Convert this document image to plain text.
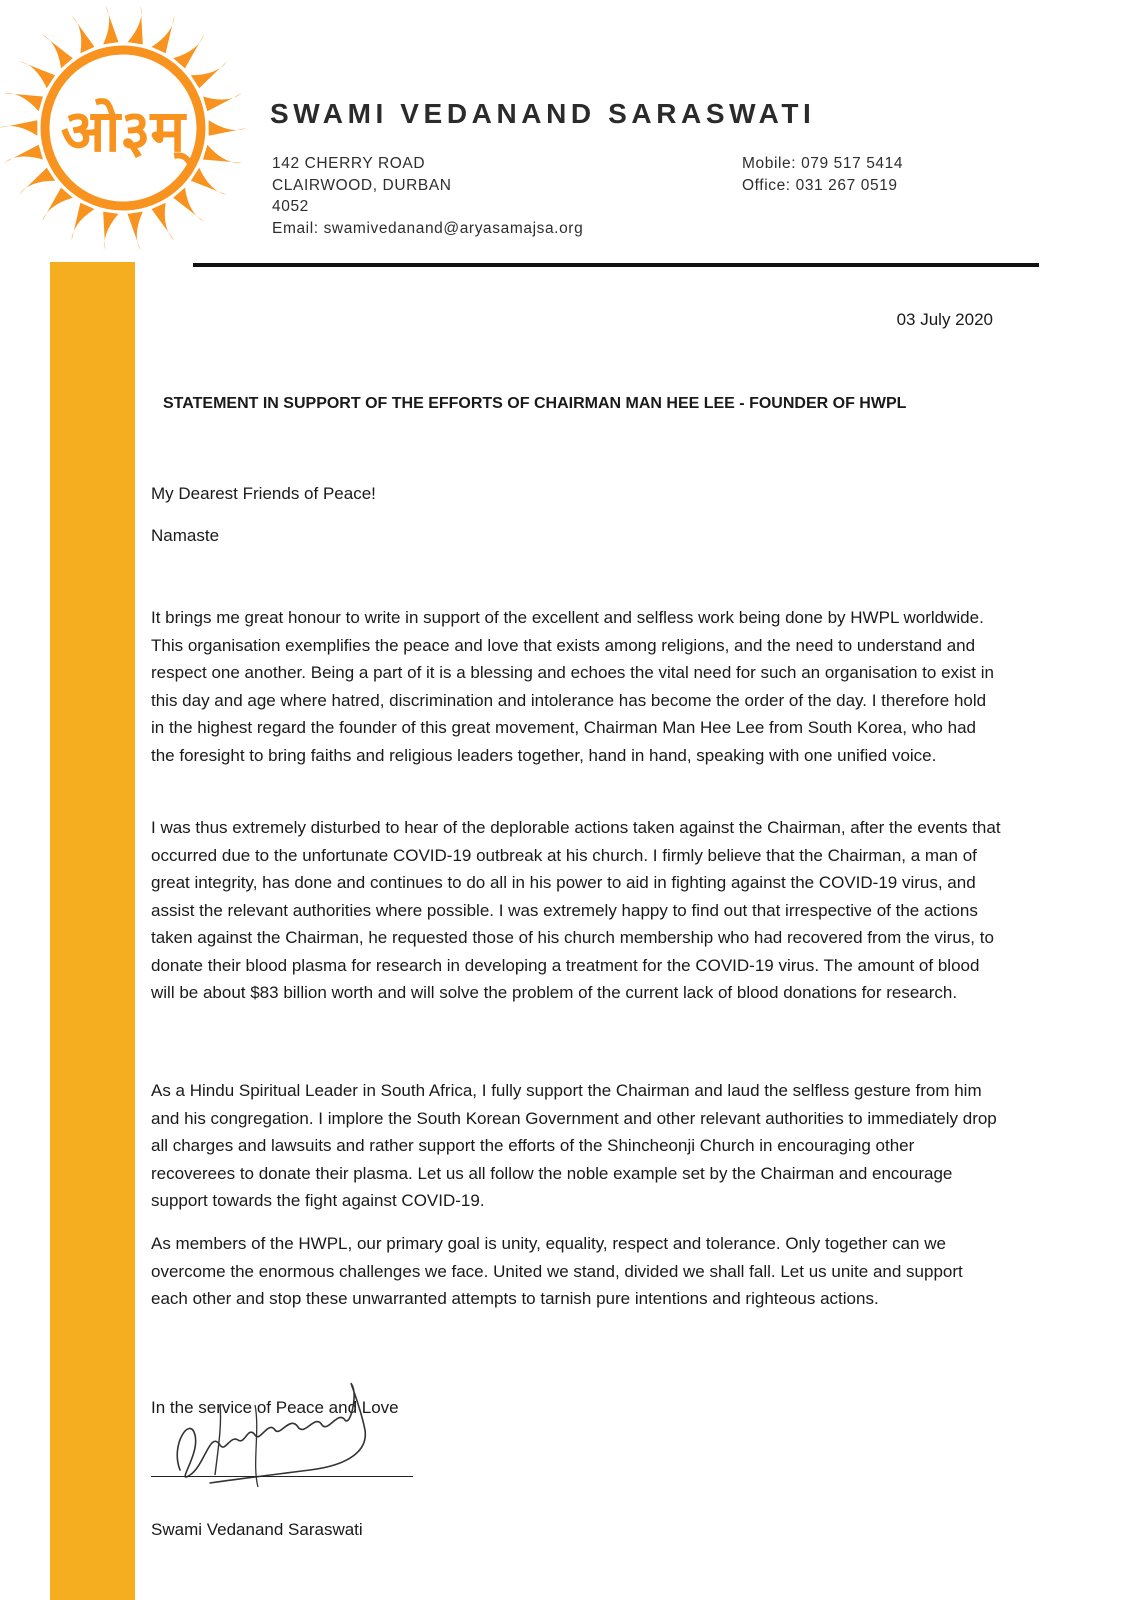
ओ३म्	SWAMI VEDANAND SARASWATI
142 CHERRY ROAD
CLAIRWOOD, DURBAN
4052
Email: swamivedanand@aryasamajsa.org
Mobile: 079 517 5414
Office: 031 267 0519
03 July 2020
STATEMENT IN SUPPORT OF THE EFFORTS OF CHAIRMAN MAN HEE LEE - FOUNDER OF HWPL
My Dearest Friends of Peace!
Namaste

It brings me great honour to write in support of the excellent and selfless work being done by HWPL worldwide. This organisation exemplifies the peace and love that exists among religions, and the need to understand and respect one another. Being a part of it is a blessing and echoes the vital need for such an organisation to exist in this day and age where hatred, discrimination and intolerance has become the order of the day. I therefore hold in the highest regard the founder of this great movement, Chairman Man Hee Lee from South Korea, who had the foresight to bring faiths and religious leaders together, hand in hand, speaking with one unified voice.

I was thus extremely disturbed to hear of the deplorable actions taken against the Chairman, after the events that occurred due to the unfortunate COVID-19 outbreak at his church. I firmly believe that the Chairman, a man of great integrity, has done and continues to do all in his power to aid in fighting against the COVID-19 virus, and assist the relevant authorities where possible. I was extremely happy to find out that irrespective of the actions taken against the Chairman, he requested those of his church membership who had recovered from the virus, to donate their blood plasma for research in developing a treatment for the COVID-19 virus. The amount of blood will be about $83 billion worth and will solve the problem of the current lack of blood donations for research.

As a Hindu Spiritual Leader in South Africa, I fully support the Chairman and laud the selfless gesture from him and his congregation. I implore the South Korean Government and other relevant authorities to immediately drop all charges and lawsuits and rather support the efforts of the Shincheonji Church in encouraging other recoverees to donate their plasma. Let us all follow the noble example set by the Chairman and encourage support towards the fight against COVID-19.

As members of the HWPL, our primary goal is unity, equality, respect and tolerance. Only together can we overcome the enormous challenges we face. United we stand, divided we shall fall. Let us unite and support each other and stop these unwarranted attempts to tarnish pure intentions and righteous actions.

In the service of Peace and Love
Swami Vedanand Saraswati
